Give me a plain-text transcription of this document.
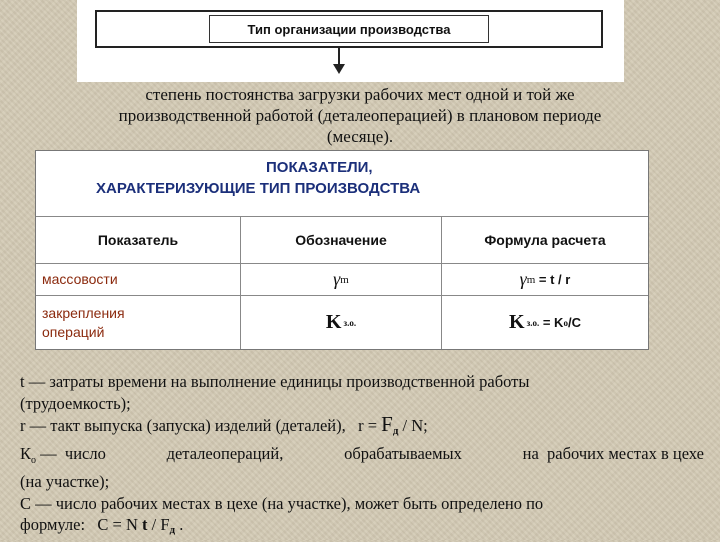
Тип организации производства
степень постоянства загрузки рабочих мест одной и той же
производственной работой (деталеоперацией) в плановом периоде
(месяце).
ПОКАЗАТЕЛИ,
ХАРАКТЕРИЗУЮЩИЕ ТИП ПРОИЗВОДСТВА
Показатель	Обозначение	Формула расчета
массовости	γ m	γ m = t / r
закрепления
операций	K з.о.	K з.о. = K о /C
t — затраты времени на выполнение единицы производственной работы
(трудоемкость);
r — такт выпуска (запуска) изделий (деталей),   r = Fд / N;
$К_о$ —  число	деталеопераций,	обрабатываемых	на  рабочих местах в цехе
(на участке);
С — число рабочих местах в цехе (на участке), может быть определено по
формуле:   С = N t / Fд .
